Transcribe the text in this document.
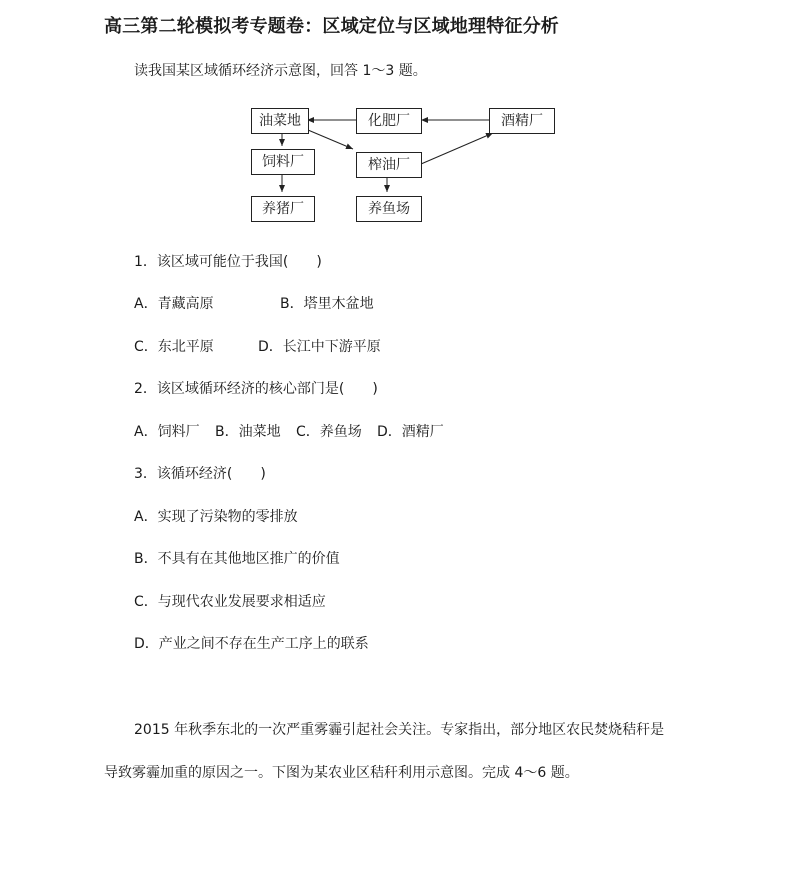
高三第二轮模拟考专题卷：区域定位与区域地理特征分析
读我国某区域循环经济示意图，回答 1～3 题。
油菜地	化肥厂	酒精厂
饲料厂	榨油厂
养猪厂	养鱼场
1．该区域可能位于我国(　　)
A．青藏高原	B．塔里木盆地
C．东北平原	D．长江中下游平原
2．该区域循环经济的核心部门是(　　)
A．饲料厂 B．油菜地 C．养鱼场 D．酒精厂
3．该循环经济(　　)
A．实现了污染物的零排放
B．不具有在其他地区推广的价值
C．与现代农业发展要求相适应
D．产业之间不存在生产工序上的联系
2015 年秋季东北的一次严重雾霾引起社会关注。专家指出，部分地区农民焚烧秸秆是
导致雾霾加重的原因之一。下图为某农业区秸秆利用示意图。完成 4～6 题。
